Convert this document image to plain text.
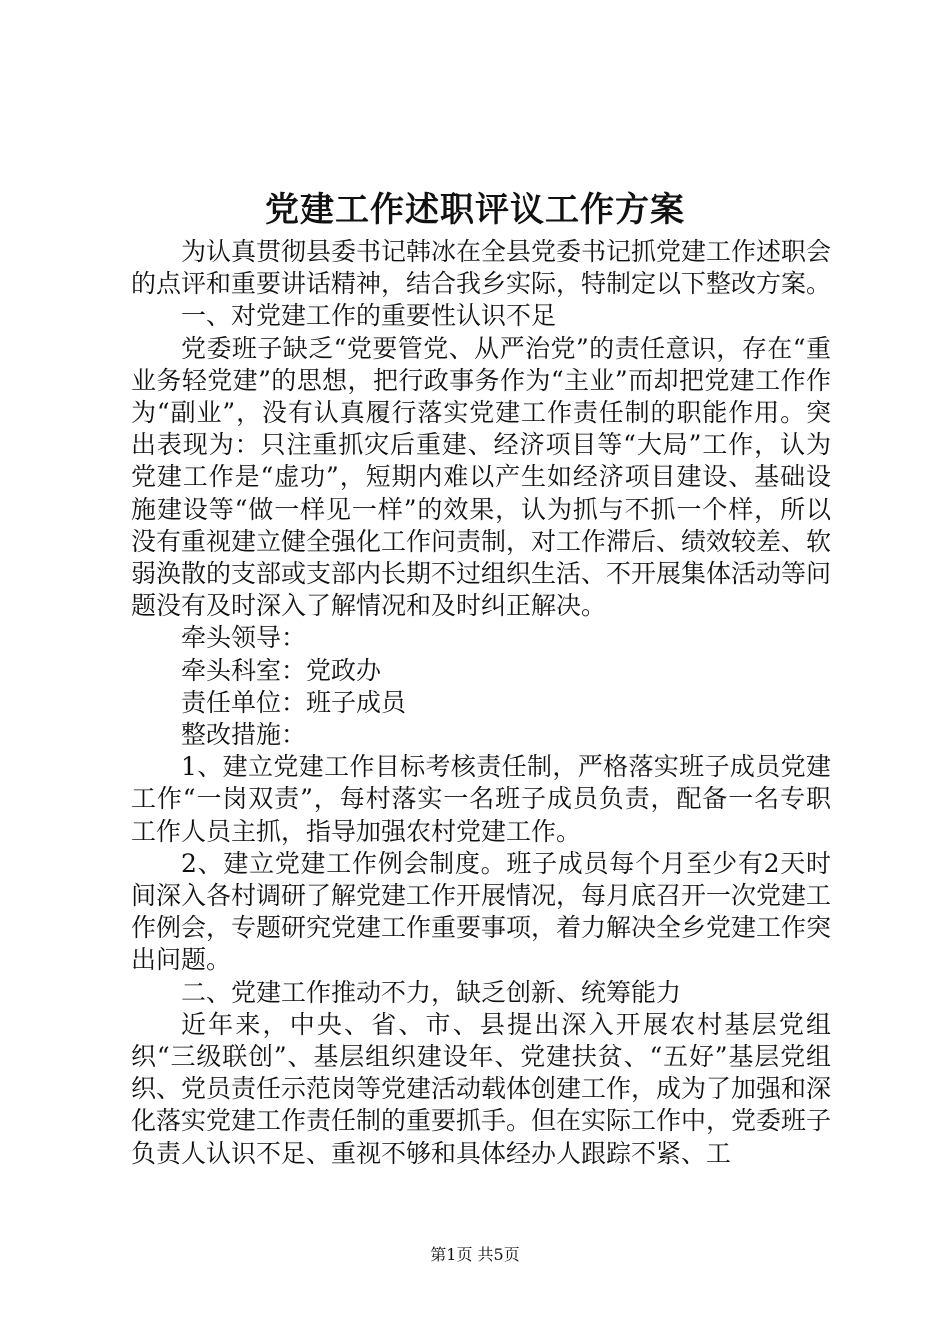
党建工作述职评议工作方案

为认真贯彻县委书记韩冰在全县党委书记抓党建工作述职会的点评和重要讲话精神，结合我乡实际，特制定以下整改方案。

一、对党建工作的重要性认识不足

党委班子缺乏“党要管党、从严治党”的责任意识，存在“重业务轻党建”的思想，把行政事务作为“主业”而却把党建工作作为“副业”，没有认真履行落实党建工作责任制的职能作用。突出表现为：只注重抓灾后重建、经济项目等“大局”工作，认为党建工作是“虚功”，短期内难以产生如经济项目建设、基础设施建设等“做一样见一样”的效果，认为抓与不抓一个样，所以没有重视建立健全强化工作问责制，对工作滞后、绩效较差、软弱涣散的支部或支部内长期不过组织生活、不开展集体活动等问题没有及时深入了解情况和及时纠正解决。

牵头领导：

牵头科室：党政办

责任单位：班子成员

整改措施：

1、建立党建工作目标考核责任制，严格落实班子成员党建工作“一岗双责”，每村落实一名班子成员负责，配备一名专职工作人员主抓，指导加强农村党建工作。

2、建立党建工作例会制度。班子成员每个月至少有2天时间深入各村调研了解党建工作开展情况，每月底召开一次党建工作例会，专题研究党建工作重要事项，着力解决全乡党建工作突出问题。

二、党建工作推动不力，缺乏创新、统筹能力

近年来，中央、省、市、县提出深入开展农村基层党组织“三级联创”、基层组织建设年、党建扶贫、“五好”基层党组织、党员责任示范岗等党建活动载体创建工作，成为了加强和深化落实党建工作责任制的重要抓手。但在实际工作中，党委班子负责人认识不足、重视不够和具体经办人跟踪不紧、工

第1页 共5页
